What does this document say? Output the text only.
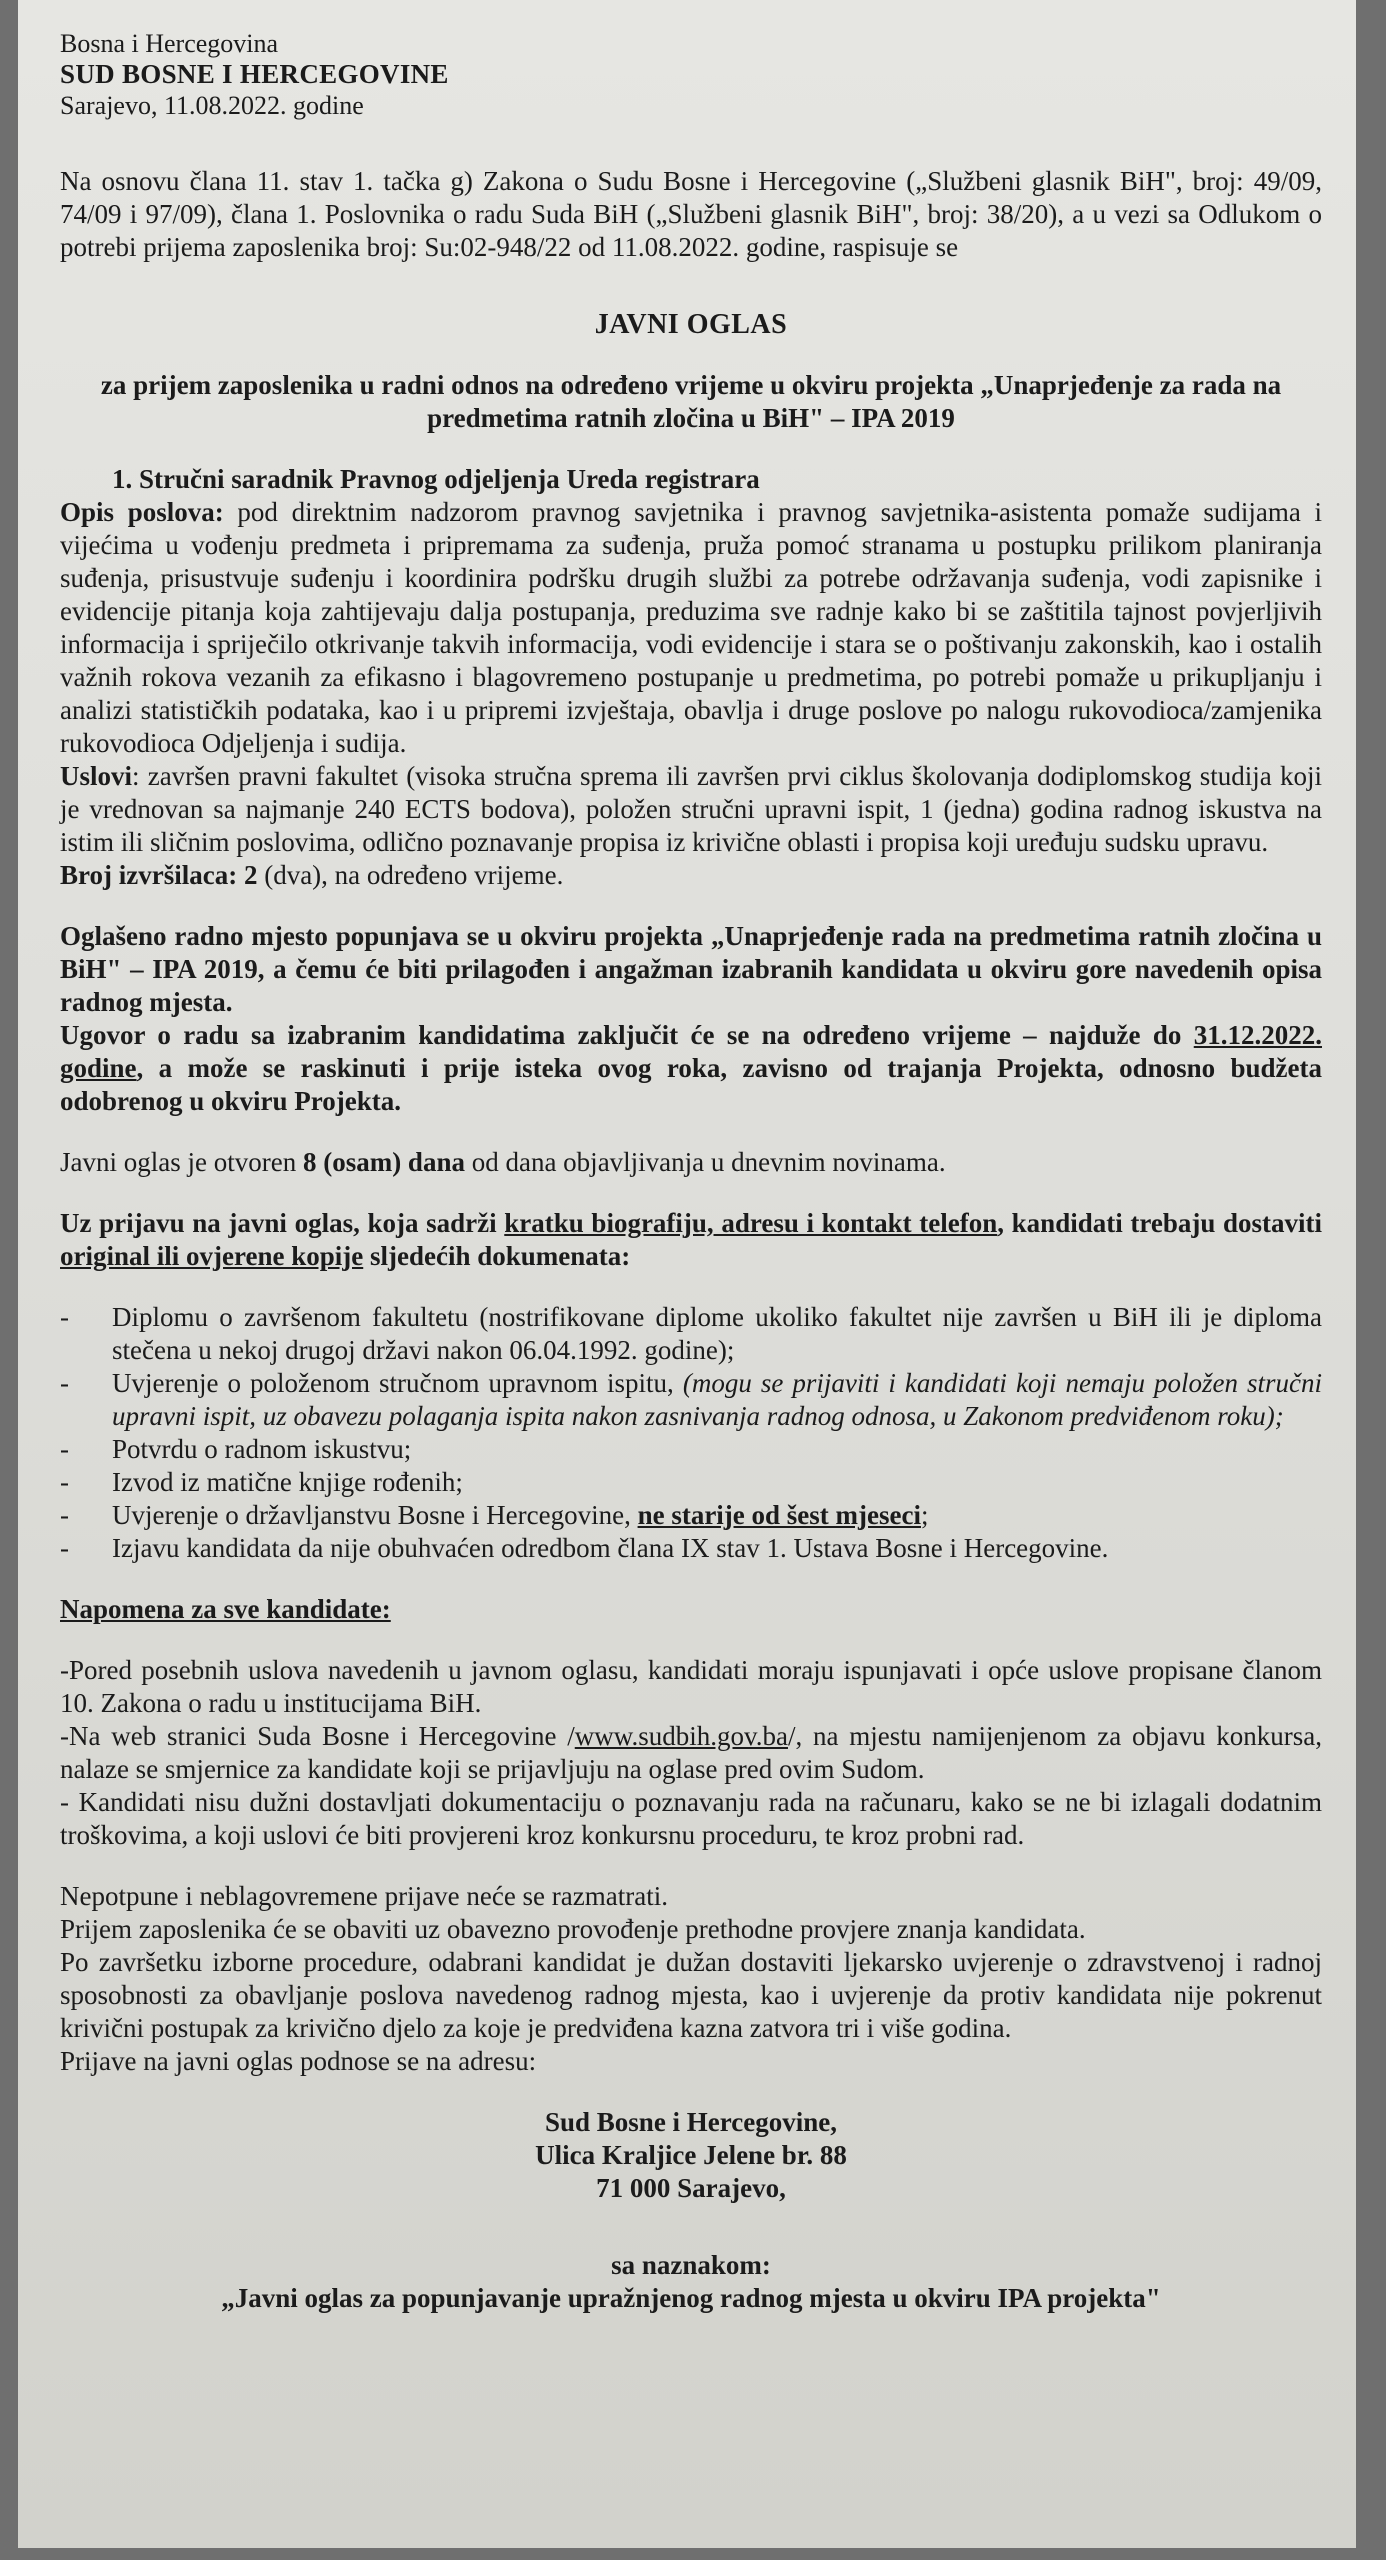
Bosna i Hercegovina
SUD BOSNE I HERCEGOVINE
Sarajevo, 11.08.2022. godine

Na osnovu člana 11. stav 1. tačka g) Zakona o Sudu Bosne i Hercegovine („Službeni glasnik BiH", broj: 49/09, 74/09 i 97/09), člana 1. Poslovnika o radu Suda BiH („Službeni glasnik BiH", broj: 38/20), a u vezi sa Odlukom o potrebi prijema zaposlenika broj: Su:02-948/22 od 11.08.2022. godine, raspisuje se

JAVNI OGLAS
za prijem zaposlenika u radni odnos na određeno vrijeme u okviru projekta „Unaprjeđenje za rada na predmetima ratnih zločina u BiH" – IPA 2019
1. Stručni saradnik Pravnog odjeljenja Ureda registrara

Opis poslova: pod direktnim nadzorom pravnog savjetnika i pravnog savjetnika-asistenta pomaže sudijama i vijećima u vođenju predmeta i pripremama za suđenja, pruža pomoć stranama u postupku prilikom planiranja suđenja, prisustvuje suđenju i koordinira podršku drugih službi za potrebe održavanja suđenja, vodi zapisnike i evidencije pitanja koja zahtijevaju dalja postupanja, preduzima sve radnje kako bi se zaštitila tajnost povjerljivih informacija i spriječilo otkrivanje takvih informacija, vodi evidencije i stara se o poštivanju zakonskih, kao i ostalih važnih rokova vezanih za efikasno i blagovremeno postupanje u predmetima, po potrebi pomaže u prikupljanju i analizi statističkih podataka, kao i u pripremi izvještaja, obavlja i druge poslove po nalogu rukovodioca/zamjenika rukovodioca Odjeljenja i sudija.

Uslovi: završen pravni fakultet (visoka stručna sprema ili završen prvi ciklus školovanja dodiplomskog studija koji je vrednovan sa najmanje 240 ECTS bodova), položen stručni upravni ispit, 1 (jedna) godina radnog iskustva na istim ili sličnim poslovima, odlično poznavanje propisa iz krivične oblasti i propisa koji uređuju sudsku upravu.

Broj izvršilaca: 2 (dva), na određeno vrijeme.

Oglašeno radno mjesto popunjava se u okviru projekta „Unaprjeđenje rada na predmetima ratnih zločina u BiH" – IPA 2019, a čemu će biti prilagođen i angažman izabranih kandidata u okviru gore navedenih opisa radnog mjesta.

Ugovor o radu sa izabranim kandidatima zaključit će se na određeno vrijeme – najduže do 31.12.2022. godine, a može se raskinuti i prije isteka ovog roka, zavisno od trajanja Projekta, odnosno budžeta odobrenog u okviru Projekta.

Javni oglas je otvoren 8 (osam) dana od dana objavljivanja u dnevnim novinama.

Uz prijavu na javni oglas, koja sadrži kratku biografiju, adresu i kontakt telefon, kandidati trebaju dostaviti original ili ovjerene kopije sljedećih dokumenata:

- Diplomu o završenom fakultetu (nostrifikovane diplome ukoliko fakultet nije završen u BiH ili je diploma stečena u nekoj drugoj državi nakon 06.04.1992. godine);
- Uvjerenje o položenom stručnom upravnom ispitu, (mogu se prijaviti i kandidati koji nemaju položen stručni upravni ispit, uz obavezu polaganja ispita nakon zasnivanja radnog odnosa, u Zakonom predviđenom roku);
- Potvrdu o radnom iskustvu;
- Izvod iz matične knjige rođenih;
- Uvjerenje o državljanstvu Bosne i Hercegovine, ne starije od šest mjeseci;
- Izjavu kandidata da nije obuhvaćen odredbom člana IX stav 1. Ustava Bosne i Hercegovine.

Napomena za sve kandidate:

-Pored posebnih uslova navedenih u javnom oglasu, kandidati moraju ispunjavati i opće uslove propisane članom 10. Zakona o radu u institucijama BiH.

-Na web stranici Suda Bosne i Hercegovine /www.sudbih.gov.ba/, na mjestu namijenjenom za objavu konkursa, nalaze se smjernice za kandidate koji se prijavljuju na oglase pred ovim Sudom.

- Kandidati nisu dužni dostavljati dokumentaciju o poznavanju rada na računaru, kako se ne bi izlagali dodatnim troškovima, a koji uslovi će biti provjereni kroz konkursnu proceduru, te kroz probni rad.

Nepotpune i neblagovremene prijave neće se razmatrati.

Prijem zaposlenika će se obaviti uz obavezno provođenje prethodne provjere znanja kandidata.

Po završetku izborne procedure, odabrani kandidat je dužan dostaviti ljekarsko uvjerenje o zdravstvenoj i radnoj sposobnosti za obavljanje poslova navedenog radnog mjesta, kao i uvjerenje da protiv kandidata nije pokrenut krivični postupak za krivično djelo za koje je predviđena kazna zatvora tri i više godina.

Prijave na javni oglas podnose se na adresu:

Sud Bosne i Hercegovine,
Ulica Kraljice Jelene br. 88
71 000 Sarajevo,
sa naznakom:
„Javni oglas za popunjavanje upražnjenog radnog mjesta u okviru IPA projekta"
